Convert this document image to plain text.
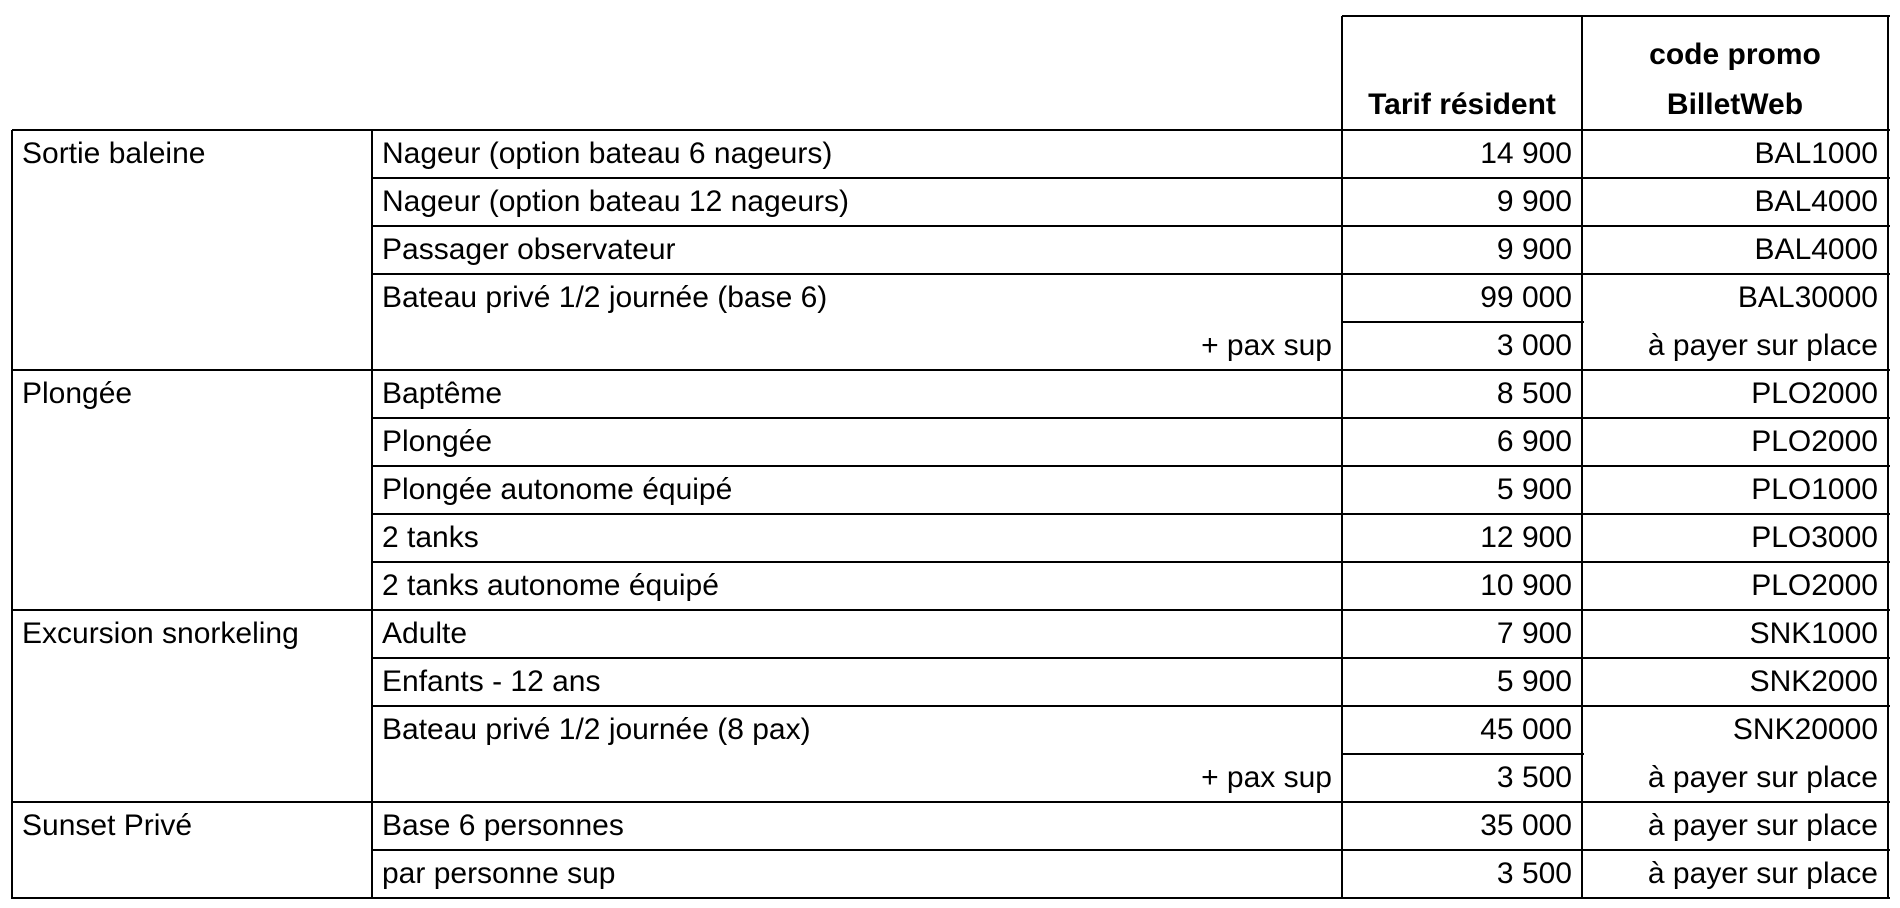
Tarif résident
code promo
BilletWeb
Sortie baleine	Nageur (option bateau 6 nageurs)	14 900	BAL1000
Nageur (option bateau 12 nageurs)	9 900	BAL4000
Passager observateur	9 900	BAL4000
Bateau privé 1/2 journée (base 6)	99 000	BAL30000
+ pax sup	3 000	à payer sur place
Plongée	Baptême	8 500	PLO2000
Plongée	6 900	PLO2000
Plongée autonome équipé	5 900	PLO1000
2 tanks	12 900	PLO3000
2 tanks autonome équipé	10 900	PLO2000
Excursion snorkeling	Adulte	7 900	SNK1000
Enfants - 12 ans	5 900	SNK2000
Bateau privé 1/2 journée (8 pax)	45 000	SNK20000
+ pax sup	3 500	à payer sur place
Sunset Privé	Base 6 personnes	35 000	à payer sur place
par personne sup	3 500	à payer sur place
